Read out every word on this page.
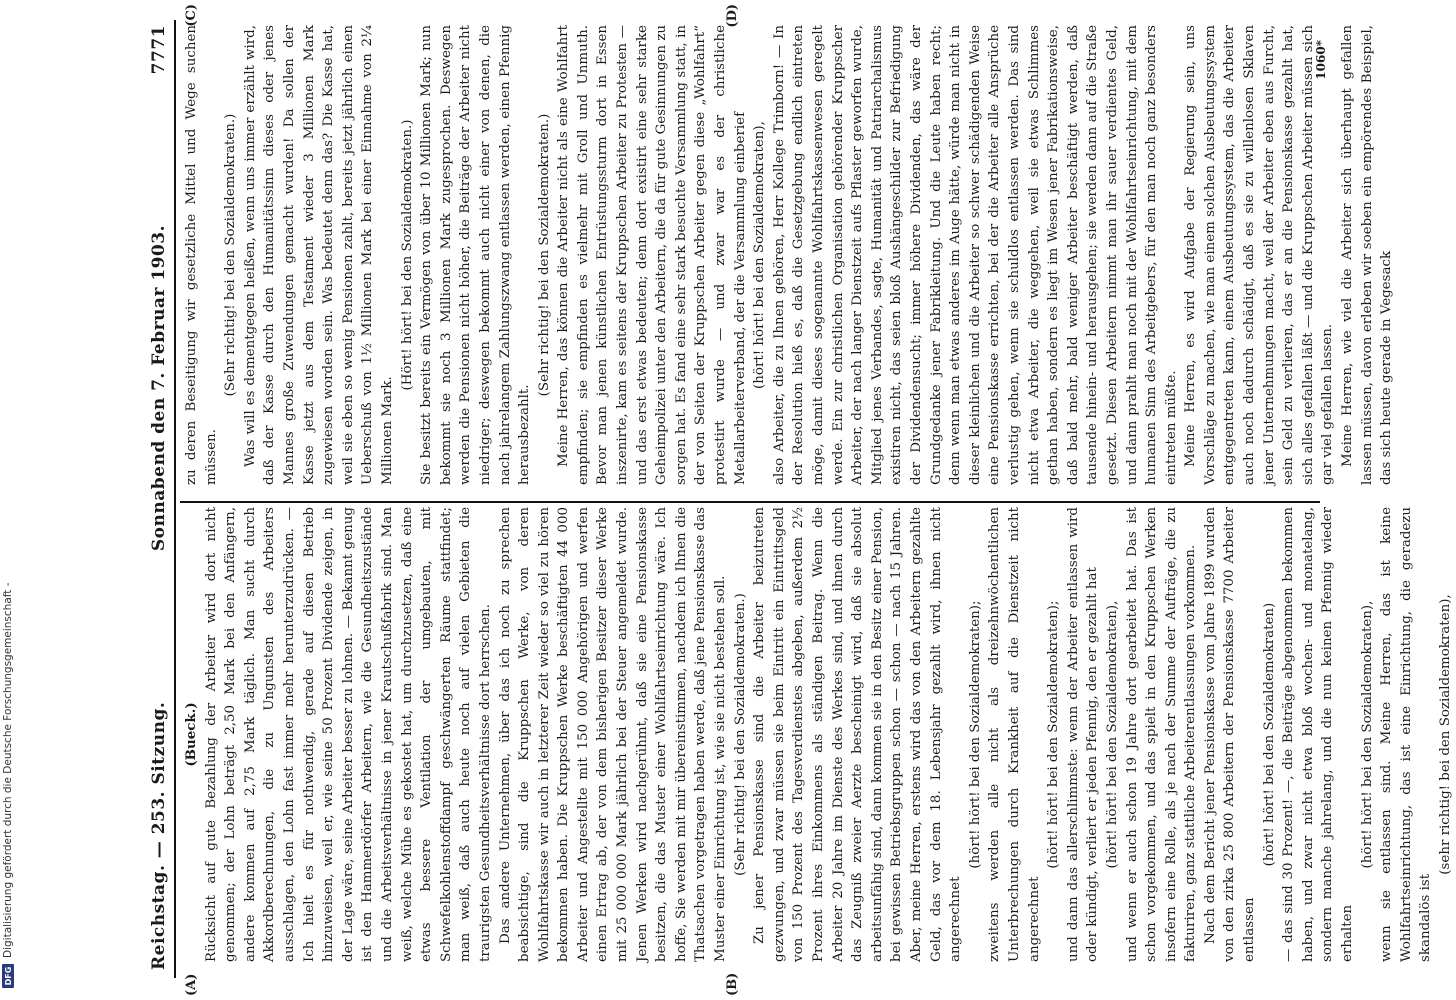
DFG
Digitalisierung gefördert durch die Deutsche Forschungsgemeinschaft -	Reichstag. — 253. Sitzung.
Sonnabend den 7. Februar 1903.
7771
(A)	(B)
(C)	(D)

(Bueck.) Rücksicht auf gute Bezahlung der Arbeiter wird dort nicht genommen; der Lohn beträgt 2,50 Mark bei den Anfängern, andere kommen auf 2,75 Mark täglich. Man sucht durch Akkordberechnungen, die zu Ungunsten des Arbeiters ausschlagen, den Lohn fast immer mehr herunterzudrücken. — Ich hielt es für nothwendig, gerade auf diesen Betrieb hinzuweisen, weil er, wie seine 50 Prozent Dividende zeigen, in der Lage wäre, seine Arbeiter besser zu lohnen. — Bekannt genug ist den Hammerdörfer Arbeitern, wie die Gesundheitszustände und die Arbeitsverhältnisse in jener Krautschußfabrik sind. Man weiß, welche Mühe es gekostet hat, um durchzusetzen, daß eine etwas bessere Ventilation der umgebauten, mit Schwefelkohlenstoffdampf geschwängerten Räume stattfindet; man weiß, daß auch heute noch auf vielen Gebieten die traurigsten Gesundheitsverhältnisse dort herrschen. Das andere Unternehmen, über das ich noch zu sprechen beabsichtige, sind die Kruppschen Werke, von deren Wohlfahrtskasse wir auch in letzterer Zeit wieder so viel zu hören bekommen haben. Die Kruppschen Werke beschäftigten 44 000 Arbeiter und Angestellte mit 150 000 Angehörigen und werfen einen Ertrag ab, der von dem bisherigen Besitzer dieser Werke mit 25 000 000 Mark jährlich bei der Steuer angemeldet wurde. Jenen Werken wird nachgerühmt, daß sie eine Pensionskasse besitzen, die das Muster einer Wohlfahrtseinrichtung wäre. Ich hoffe, Sie werden mit mir übereinstimmen, nachdem ich Ihnen die Thatsachen vorgetragen haben werde, daß jene Pensionskasse das Muster einer Einrichtung ist, wie sie nicht bestehen soll. (Sehr richtig! bei den Sozialdemokraten.) Zu jener Pensionskasse sind die Arbeiter beizutreten gezwungen, und zwar müssen sie beim Eintritt ein Eintrittsgeld von 150 Prozent des Tagesverdienstes abgeben, außerdem 2½ Prozent ihres Einkommens als ständigen Beitrag. Wenn die Arbeiter 20 Jahre im Dienste des Werkes sind, und ihnen durch das Zeugniß zweier Aerzte bescheinigt wird, daß sie absolut arbeitsunfähig sind, dann kommen sie in den Besitz einer Pension, bei gewissen Betriebsgruppen schon — schon — nach 15 Jahren. Aber, meine Herren, erstens wird das von den Arbeitern gezahlte Geld, das vor dem 18. Lebensjahr gezahlt wird, ihnen nicht angerechnet

(hört! hört! bei den Sozialdemokraten); zweitens werden alle nicht als dreizehnwöchentlichen Unterbrechungen durch Krankheit auf die Dienstzeit nicht angerechnet

(hört! hört! bei den Sozialdemokraten); und dann das allerschlimmste: wenn der Arbeiter entlassen wird oder kündigt, verliert er jeden Pfennig, den er gezahlt hat (hört! hört! bei den Sozialdemokraten), und wenn er auch schon 19 Jahre dort gearbeitet hat. Das ist schon vorgekommen, und das spielt in den Kruppschen Werken insofern eine Rolle, als je nach der Summe der Aufträge, die zu fakturiren, ganz stattliche Arbeiterentlassungen vorkommen. Nach dem Bericht jener Pensionskasse vom Jahre 1899 wurden von den zirka 25 800 Arbeitern der Pensionskasse 7700 Arbeiter entlassen

(hört! hört! bei den Sozialdemokraten) — das sind 30 Prozent! —, die Beiträge abgenommen bekommen haben, und zwar nicht etwa bloß wochen- und monatelang, sondern manche jahrelang, und die nun keinen Pfennig wieder erhalten

(hört! hört! bei den Sozialdemokraten), wenn sie entlassen sind. Meine Herren, das ist keine Wohlfahrtseinrichtung, das ist eine Einrichtung, die geradezu skandalös ist

(sehr richtig! bei den Sozialdemokraten),

zu deren Beseitigung wir gesetzliche Mittel und Wege suchen müssen.

(Sehr richtig! bei den Sozialdemokraten.) Was will es dementgegen heißen, wenn uns immer erzählt wird, daß der Kasse durch den Humanitätssinn dieses oder jenes Mannes große Zuwendungen gemacht wurden! Da sollen der Kasse jetzt aus dem Testament wieder 3 Millionen Mark zugewiesen worden sein. Was bedeutet denn das? Die Kasse hat, weil sie eben so wenig Pensionen zahlt, bereits jetzt jährlich einen Ueberschuß von 1½ Millionen Mark bei einer Einnahme von 2¼ Millionen Mark.

(Hört! hört! bei den Sozialdemokraten.) Sie besitzt bereits ein Vermögen von über 10 Millionen Mark; nun bekommt sie noch 3 Millionen Mark zugesprochen. Deswegen werden die Pensionen nicht höher, die Beiträge der Arbeiter nicht niedriger; deswegen bekommt auch nicht einer von denen, die nach jahrelangem Zahlungszwang entlassen werden, einen Pfennig herausbezahlt.

(Sehr richtig! bei den Sozialdemokraten.) Meine Herren, das können die Arbeiter nicht als eine Wohlfahrt empfinden; sie empfinden es vielmehr mit Groll und Unmuth. Bevor man jenen künstlichen Entrüstungssturm dort in Essen inszenirte, kam es seitens der Kruppschen Arbeiter zu Protesten — und das erst etwas bedeuten; denn dort existirt eine sehr starke Geheimpolizei unter den Arbeitern, die da für gute Gesinnungen zu sorgen hat. Es fand eine sehr stark besuchte Versammlung statt, in der von Seiten der Kruppschen Arbeiter gegen diese „Wohlfahrt“ protestirt wurde — und zwar war es der christliche Metallarbeiterverband, der die Versammlung einberief (hört! hört! bei den Sozialdemokraten), also Arbeiter, die zu Ihnen gehören, Herr Kollege Trimborn! — In der Resolution hieß es, daß die Gesetzgebung endlich eintreten möge, damit dieses sogenannte Wohlfahrtskassenwesen geregelt werde. Ein zur christlichen Organisation gehörender Kruppscher Arbeiter, der nach langer Dienstzeit aufs Pflaster geworfen wurde, Mitglied jenes Verbandes, sagte, Humanität und Patriarchalismus existiren nicht, das seien bloß Aushängeschilder zur Befriedigung der Dividendensucht; immer höhere Dividenden, das wäre der Grundgedanke jener Fabrikleitung. Und die Leute haben recht; denn wenn man etwas anderes im Auge hätte, würde man nicht in dieser kleinlichen und die Arbeiter so schwer schädigenden Weise eine Pensionskasse errichten, bei der die Arbeiter alle Ansprüche verlustig gehen, wenn sie schuldlos entlassen werden. Das sind nicht etwa Arbeiter, die weggehen, weil sie etwas Schlimmes gethan haben, sondern es liegt im Wesen jener Fabrikationsweise, daß bald mehr, bald weniger Arbeiter beschäftigt werden, daß tausende hinein- und herausgehen; sie werden dann auf die Straße gesetzt. Diesen Arbeitern nimmt man ihr sauer verdientes Geld, und dann prahlt man noch mit der Wohlfahrtseinrichtung, mit dem humanen Sinn des Arbeitgebers, für den man noch ganz besonders eintreten müßte. Meine Herren, es wird Aufgabe der Regierung sein, uns Vorschläge zu machen, wie man einem solchen Ausbeutungssystem entgegentreten kann, einem Ausbeutungssystem, das die Arbeiter auch noch dadurch schädigt, daß es sie zu willenlosen Sklaven jener Unternehmungen macht, weil der Arbeiter eben aus Furcht, sein Geld zu verlieren, das er an die Pensionskasse gezahlt hat, sich alles gefallen läßt — und die Kruppschen Arbeiter müssen sich gar viel gefallen lassen. Meine Herren, wie viel die Arbeiter sich überhaupt gefallen lassen müssen, davon erleben wir soeben ein empörendes Beispiel, das sich heute gerade in Vegesack

1060*
